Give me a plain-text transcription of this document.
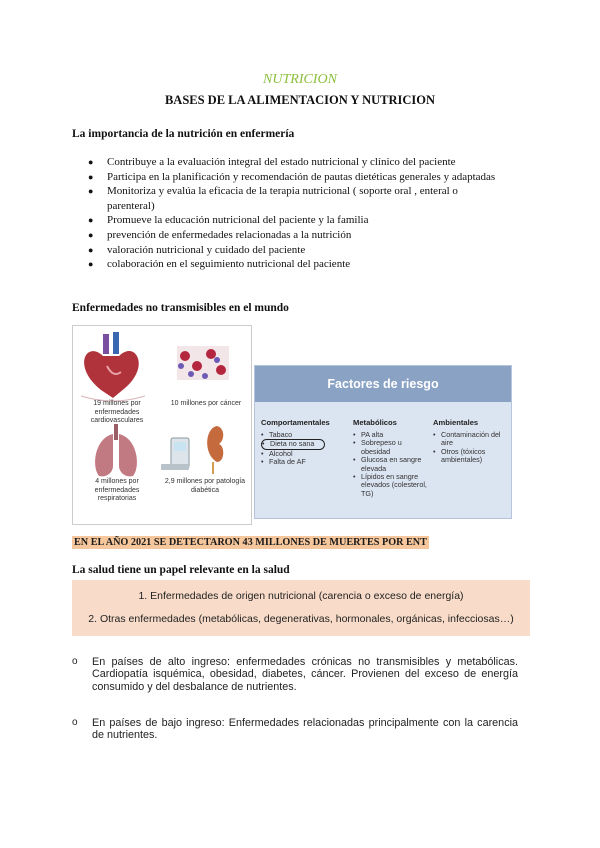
NUTRICION
BASES DE LA ALIMENTACION Y NUTRICION
La importancia de la nutrición en enfermería
● Contribuye a la evaluación integral del estado nutricional y clínico del paciente
● Participa en la planificación y recomendación de pautas dietéticas generales y adaptadas
● Monitoriza y evalúa la eficacia de la terapia nutricional ( soporte oral , enteral o parenteral)
● Promueve la educación nutricional del paciente y la familia
● prevención de enfermedades relacionadas a la nutrición
● valoración nutricional y cuidado del paciente
● colaboración en el seguimiento nutricional del paciente
Enfermedades no transmisibles en el mundo
19 millones por enfermedades cardiovasculares
10 millones por cáncer
4 millones por enfermedades respiratorias
2,9 millones por patología diabética
Factores de riesgo
Comportamentales
• Tabaco
• Dieta no sana
• Alcohol
• Falta de AF
Metabólicos
• PA alta
• Sobrepeso u obesidad
• Glucosa en sangre elevada
• Lípidos en sangre elevados (colesterol, TG)
Ambientales
• Contaminación del aire
• Otros (tóxicos ambientales)
EN EL AÑO 2021 SE DETECTARON 43 MILLONES DE MUERTES POR ENT
La salud tiene un papel relevante en la salud
1. Enfermedades de origen nutricional (carencia o exceso de energía)
2. Otras enfermedades (metabólicas, degenerativas, hormonales, orgánicas, infecciosas…)
o	En países de alto ingreso: enfermedades crónicas no transmisibles y metabólicas. Cardiopatía isquémica, obesidad, diabetes, cáncer. Provienen del exceso de energía consumido y del desbalance de nutrientes.
o	En países de bajo ingreso: Enfermedades relacionadas principalmente con la carencia de nutrientes.
